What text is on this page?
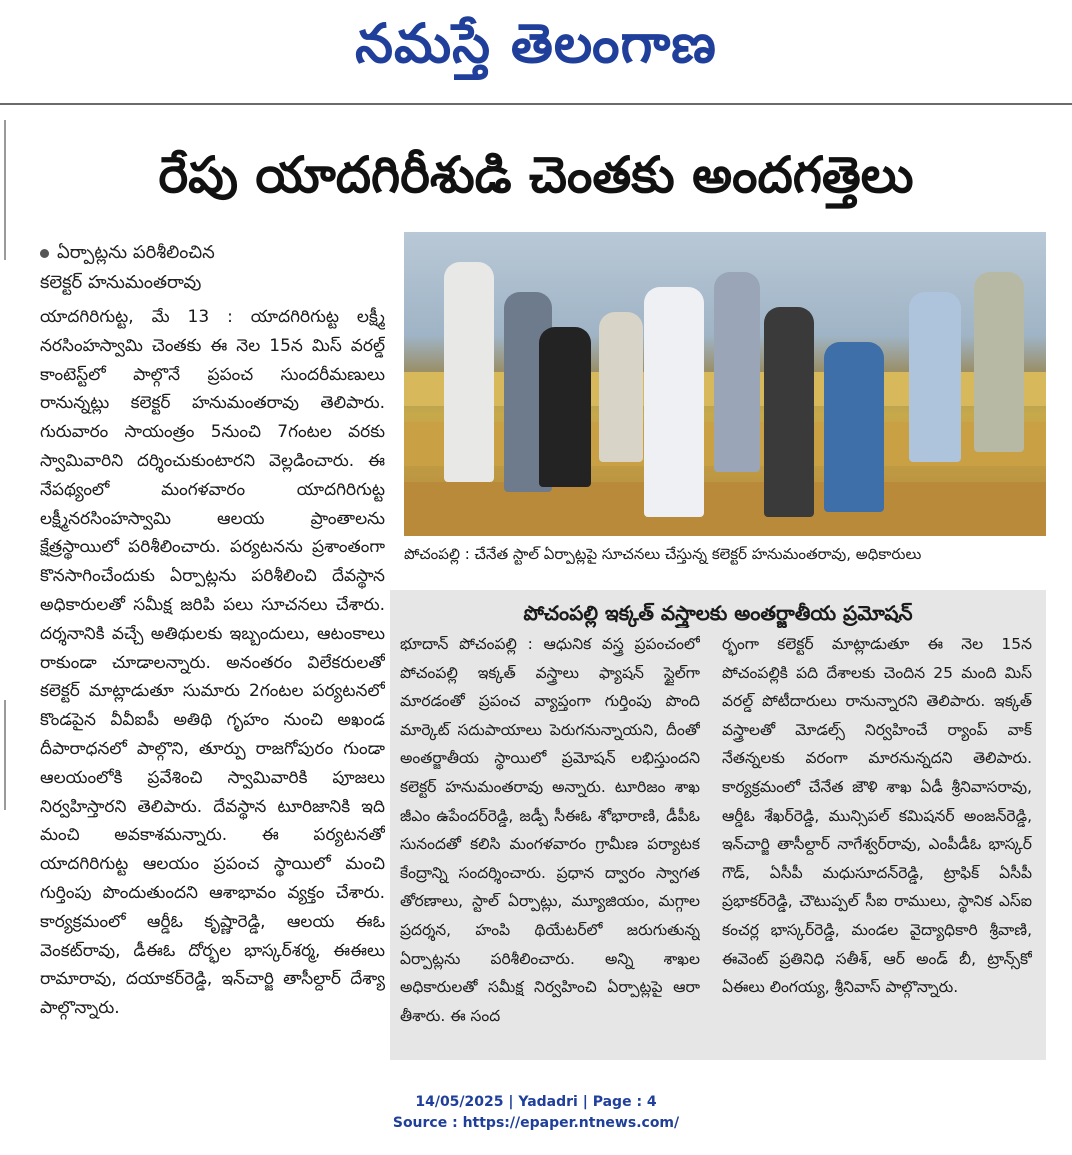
నమస్తే తెలంగాణ
రేపు యాదగిరీశుడి చెంతకు అందగత్తెలు
ఏర్పాట్లను పరిశీలించిన
కలెక్టర్ హనుమంతరావు
యాదగిరిగుట్ట, మే 13 : యాదగిరిగుట్ట లక్ష్మీ నరసింహస్వామి చెంతకు ఈ నెల 15న మిస్ వరల్డ్ కాంటెస్ట్‌లో పాల్గొనే ప్రపంచ సుందరీమణులు రానున్నట్లు కలెక్టర్ హనుమంతరావు తెలిపారు. గురువారం సాయంత్రం 5నుంచి 7గంటల వరకు స్వామివారిని దర్శించుకుంటారని వెల్లడించారు. ఈ నేపథ్యంలో మంగళవారం యాదగిరిగుట్ట లక్ష్మీనరసింహస్వామి ఆలయ ప్రాంతాలను క్షేత్రస్థాయిలో పరిశీలించారు. పర్యటనను ప్రశాంతంగా కొనసాగించేందుకు ఏర్పాట్లను పరిశీలించి దేవస్థాన అధికారులతో సమీక్ష జరిపి పలు సూచనలు చేశారు. దర్శనానికి వచ్చే అతిథులకు ఇబ్బందులు, ఆటంకాలు రాకుండా చూడాలన్నారు. అనంతరం విలేకరులతో కలెక్టర్ మాట్లాడుతూ సుమారు 2గంటల పర్యటనలో కొండపైన వీవీఐపీ అతిథి గృహం నుంచి అఖండ దీపారాధనలో పాల్గొని, తూర్పు రాజగోపురం గుండా ఆలయంలోకి ప్రవేశించి స్వామివారికి పూజలు నిర్వహిస్తారని తెలిపారు. దేవస్థాన టూరిజానికి ఇది మంచి అవకాశమన్నారు. ఈ పర్యటనతో యాదగిరిగుట్ట ఆలయం ప్రపంచ స్థాయిలో మంచి గుర్తింపు పొందుతుందని ఆశాభావం వ్యక్తం చేశారు. కార్యక్రమంలో ఆర్డీఓ కృష్ణారెడ్డి, ఆలయ ఈఓ వెంకట్‌రావు, డీఈఓ దోర్భల భాస్కర్‌శర్మ, ఈఈలు రామారావు, దయాకర్‌రెడ్డి, ఇన్‌చార్జి తాసీల్దార్ దేశ్యా పాల్గొన్నారు.
పోచంపల్లి : చేనేత స్టాల్ ఏర్పాట్లపై సూచనలు చేస్తున్న కలెక్టర్ హనుమంతరావు, అధికారులు
పోచంపల్లి ఇక్కత్ వస్త్రాలకు అంతర్జాతీయ ప్రమోషన్
భూదాన్ పోచంపల్లి : ఆధునిక వస్త్ర ప్రపంచంలో పోచంపల్లి ఇక్కత్ వస్త్రాలు ఫ్యాషన్ స్టైల్‌గా మారడంతో ప్రపంచ వ్యాప్తంగా గుర్తింపు పొంది మార్కెట్ సదుపాయాలు పెరుగనున్నాయని, దీంతో అంతర్జాతీయ స్థాయిలో ప్రమోషన్ లభిస్తుందని కలెక్టర్ హనుమంతరావు అన్నారు. టూరిజం శాఖ జీఎం ఉపేందర్‌రెడ్డి, జడ్పీ సీఈఓ శోభారాణి, డీపీఓ సునందతో కలిసి మంగళవారం గ్రామీణ పర్యాటక కేంద్రాన్ని సందర్శించారు. ప్రధాన ద్వారం స్వాగత తోరణాలు, స్టాల్ ఏర్పాట్లు, మ్యూజియం, మగ్గాల ప్రదర్శన, హంపి థియేటర్‌లో జరుగుతున్న ఏర్పాట్లను పరిశీలించారు. అన్ని శాఖల అధికారులతో సమీక్ష నిర్వహించి ఏర్పాట్లపై ఆరా తీశారు. ఈ సంద
ర్భంగా కలెక్టర్ మాట్లాడుతూ ఈ నెల 15న పోచంపల్లికి పది దేశాలకు చెందిన 25 మంది మిస్ వరల్డ్ పోటీదారులు రానున్నారని తెలిపారు. ఇక్కత్ వస్త్రాలతో మోడల్స్ నిర్వహించే ర్యాంప్ వాక్ నేతన్నలకు వరంగా మారనున్నదని తెలిపారు. కార్యక్రమంలో చేనేత జౌళి శాఖ ఏడీ శ్రీనివాసరావు, ఆర్డీఓ శేఖర్‌రెడ్డి, మున్సిపల్ కమిషనర్ అంజన్‌రెడ్డి, ఇన్‌చార్జి తాసీల్దార్ నాగేశ్వర్‌రావు, ఎంపీడీఓ భాస్కర్ గౌడ్, ఏసీపీ మధుసూదన్‌రెడ్డి, ట్రాఫిక్ ఏసీపీ ప్రభాకర్‌రెడ్డి, చౌటుప్పల్ సీఐ రాములు, స్థానిక ఎస్ఐ కంచర్ల భాస్కర్‌రెడ్డి, మండల వైద్యాధికారి శ్రీవాణి, ఈవెంట్ ప్రతినిధి సతీశ్, ఆర్ అండ్ బీ, ట్రాన్స్‌కో ఏఈలు లింగయ్య, శ్రీనివాస్ పాల్గొన్నారు.
14/05/2025 | Yadadri | Page : 4
Source : https://epaper.ntnews.com/
